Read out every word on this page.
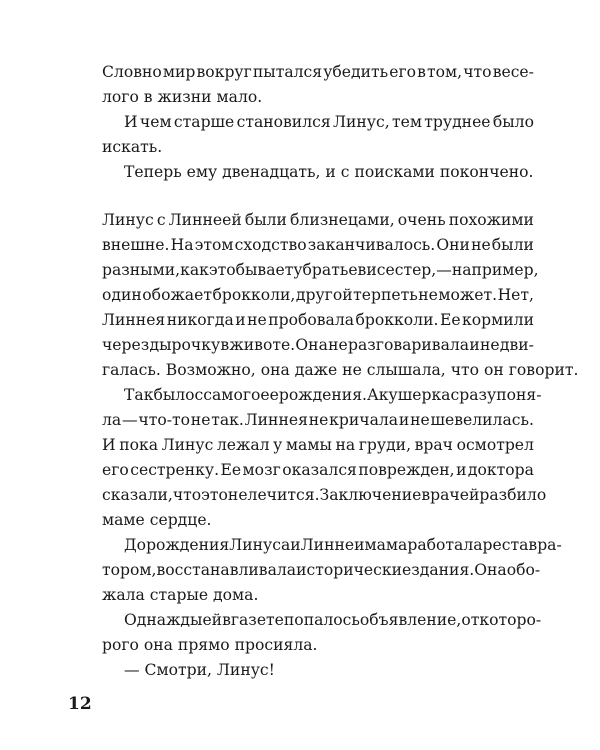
Словно мир вокруг пытался убедить его в том, что весе-
лого в жизни мало.
И чем старше становился Линус, тем труднее было
искать.
Теперь ему двенадцать, и с поисками покончено.
Линус с Линнеей были близнецами, очень похожими
внешне. На этом сходство заканчивалось. Они не были
разными, как это бывает у братьев и сестер, — например,
один обожает брокколи, другой терпеть не может. Нет,
Линнея никогда и не пробовала брокколи. Ее кормили
через дырочку в животе. Она не разговаривала и не дви-
галась. Возможно, она даже не слышала, что он говорит.
Так было с самого ее рождения. Акушерка сразу поня-
ла — что-то не так. Линнея не кричала и не шевелилась.
И пока Линус лежал у мамы на груди, врач осмотрел
его сестренку. Ее мозг оказался поврежден, и доктора
сказали, что это не лечится. Заключение врачей разбило
маме сердце.
До рождения Линуса и Линнеи мама работала реставра-
тором, восстанавливала исторические здания. Она обо-
жала старые дома.
Однажды ей в газете попалось объявление, от которо-
рого она прямо просияла.
— Смотри, Линус!
12
